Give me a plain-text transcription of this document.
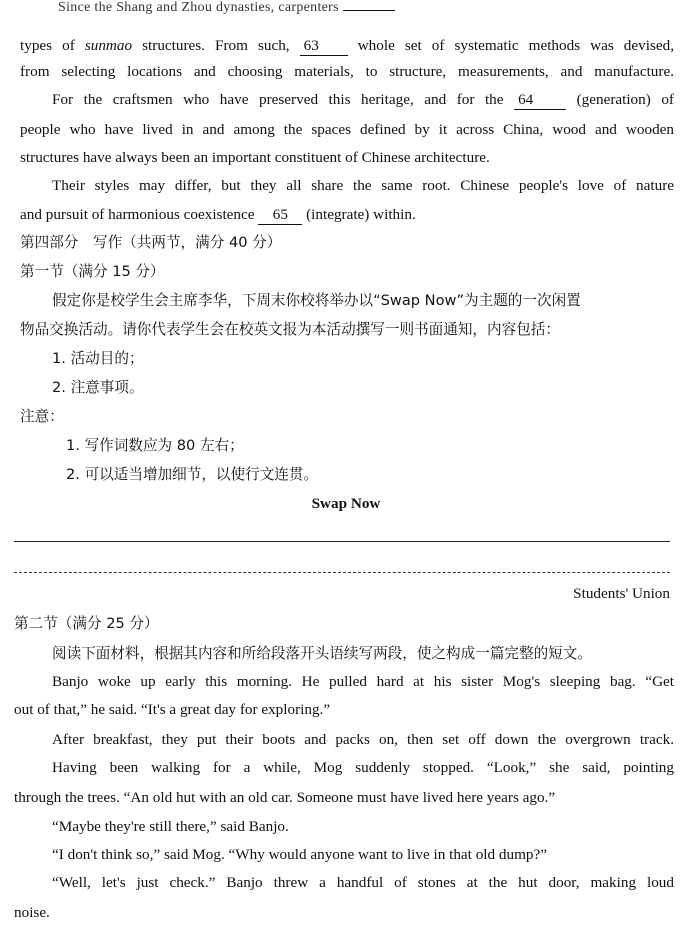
Since the Shang and Zhou dynasties, carpenters
types of sunmao structures. From such, 63	whole set of systematic methods was devised,
from selecting locations and choosing materials, to structure, measurements, and manufacture.
For the craftsmen who have preserved this heritage, and for the 64	(generation) of
people who have lived in and among the spaces defined by it across China, wood and wooden
structures have always been an important constituent of Chinese architecture.
Their styles may differ, but they all share the same root. Chinese people's love of nature
and pursuit of harmonious coexistence 65 (integrate) within.
第四部分　写作（共两节，满分 40 分）
第一节（满分 15 分）
假定你是校学生会主席李华，下周末你校将举办以“Swap Now”为主题的一次闲置
物品交换活动。请你代表学生会在校英文报为本活动撰写一则书面通知，内容包括：
1. 活动目的；
2. 注意事项。
注意：
1. 写作词数应为 80 左右；
2. 可以适当增加细节，以使行文连贯。
Swap Now
Students' Union
第二节（满分 25 分）
阅读下面材料，根据其内容和所给段落开头语续写两段，使之构成一篇完整的短文。
Banjo woke up early this morning. He pulled hard at his sister Mog's sleeping bag. “Get
out of that,” he said. “It's a great day for exploring.”
After breakfast, they put their boots and packs on, then set off down the overgrown track.
Having been walking for a while, Mog suddenly stopped. “Look,” she said, pointing
through the trees. “An old hut with an old car. Someone must have lived here years ago.”
“Maybe they're still there,” said Banjo.
“I don't think so,” said Mog. “Why would anyone want to live in that old dump?”
“Well, let's just check.” Banjo threw a handful of stones at the hut door, making loud
noise.
